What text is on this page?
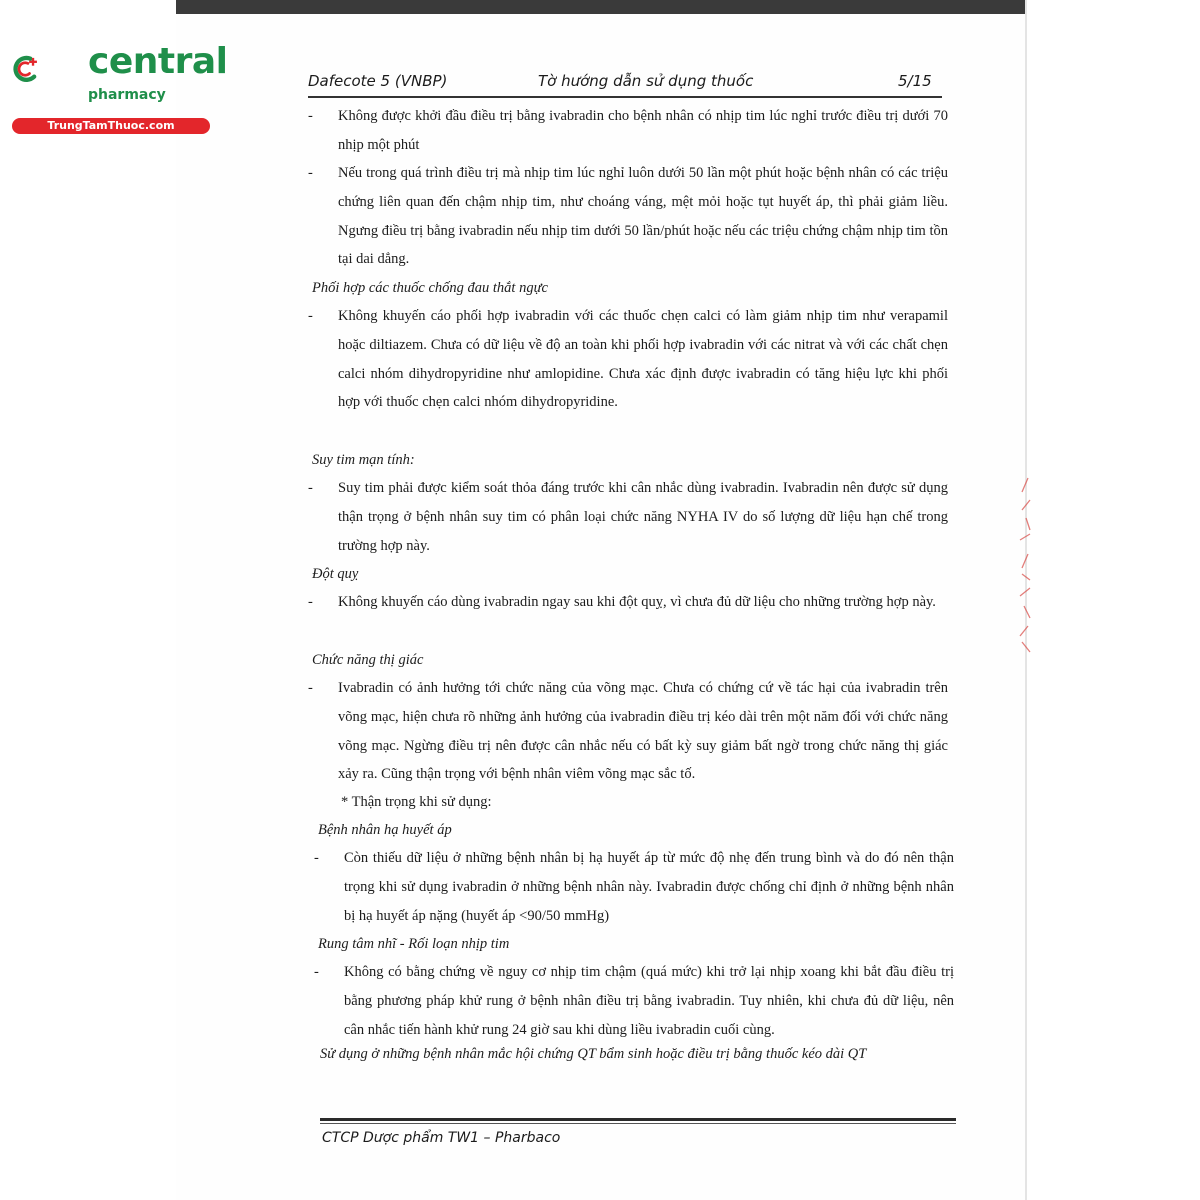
central
pharmacy
TrungTamThuoc.com
Dafecote 5 (VNBP)	Tờ hướng dẫn sử dụng thuốc	5/15
- Không được khởi đầu điều trị bằng ivabradin cho bệnh nhân có nhịp tim lúc nghỉ trước điều trị dưới 70 nhịp một phút
- Nếu trong quá trình điều trị mà nhịp tim lúc nghỉ luôn dưới 50 lần một phút hoặc bệnh nhân có các triệu chứng liên quan đến chậm nhịp tim, như choáng váng, mệt mỏi hoặc tụt huyết áp, thì phải giảm liều. Ngưng điều trị bằng ivabradin nếu nhịp tim dưới 50 lần/phút hoặc nếu các triệu chứng chậm nhịp tim tồn tại dai dẳng.
Phối hợp các thuốc chống đau thắt ngực
- Không khuyến cáo phối hợp ivabradin với các thuốc chẹn calci có làm giảm nhịp tim như verapamil hoặc diltiazem. Chưa có dữ liệu về độ an toàn khi phối hợp ivabradin với các nitrat và với các chất chẹn calci nhóm dihydropyridine như amlopidine. Chưa xác định được ivabradin có tăng hiệu lực khi phối hợp với thuốc chẹn calci nhóm dihydropyridine.
Suy tim mạn tính:
- Suy tim phải được kiểm soát thỏa đáng trước khi cân nhắc dùng ivabradin. Ivabradin nên được sử dụng thận trọng ở bệnh nhân suy tim có phân loại chức năng NYHA IV do số lượng dữ liệu hạn chế trong trường hợp này.
Đột quỵ
- Không khuyến cáo dùng ivabradin ngay sau khi đột quỵ, vì chưa đủ dữ liệu cho những trường hợp này.
Chức năng thị giác
- Ivabradin có ảnh hưởng tới chức năng của võng mạc. Chưa có chứng cứ về tác hại của ivabradin trên võng mạc, hiện chưa rõ những ảnh hưởng của ivabradin điều trị kéo dài trên một năm đối với chức năng võng mạc. Ngừng điều trị nên được cân nhắc nếu có bất kỳ suy giảm bất ngờ trong chức năng thị giác xảy ra. Cũng thận trọng với bệnh nhân viêm võng mạc sắc tố.
* Thận trọng khi sử dụng:
Bệnh nhân hạ huyết áp
- Còn thiếu dữ liệu ở những bệnh nhân bị hạ huyết áp từ mức độ nhẹ đến trung bình và do đó nên thận trọng khi sử dụng ivabradin ở những bệnh nhân này. Ivabradin được chống chỉ định ở những bệnh nhân bị hạ huyết áp nặng (huyết áp <90/50 mmHg)
Rung tâm nhĩ - Rối loạn nhịp tim
- Không có bằng chứng về nguy cơ nhịp tim chậm (quá mức) khi trở lại nhịp xoang khi bắt đầu điều trị bằng phương pháp khử rung ở bệnh nhân điều trị bằng ivabradin. Tuy nhiên, khi chưa đủ dữ liệu, nên cân nhắc tiến hành khử rung 24 giờ sau khi dùng liều ivabradin cuối cùng.
Sử dụng ở những bệnh nhân mắc hội chứng QT bẩm sinh hoặc điều trị bằng thuốc kéo dài QT
CTCP Dược phẩm TW1 – Pharbaco
